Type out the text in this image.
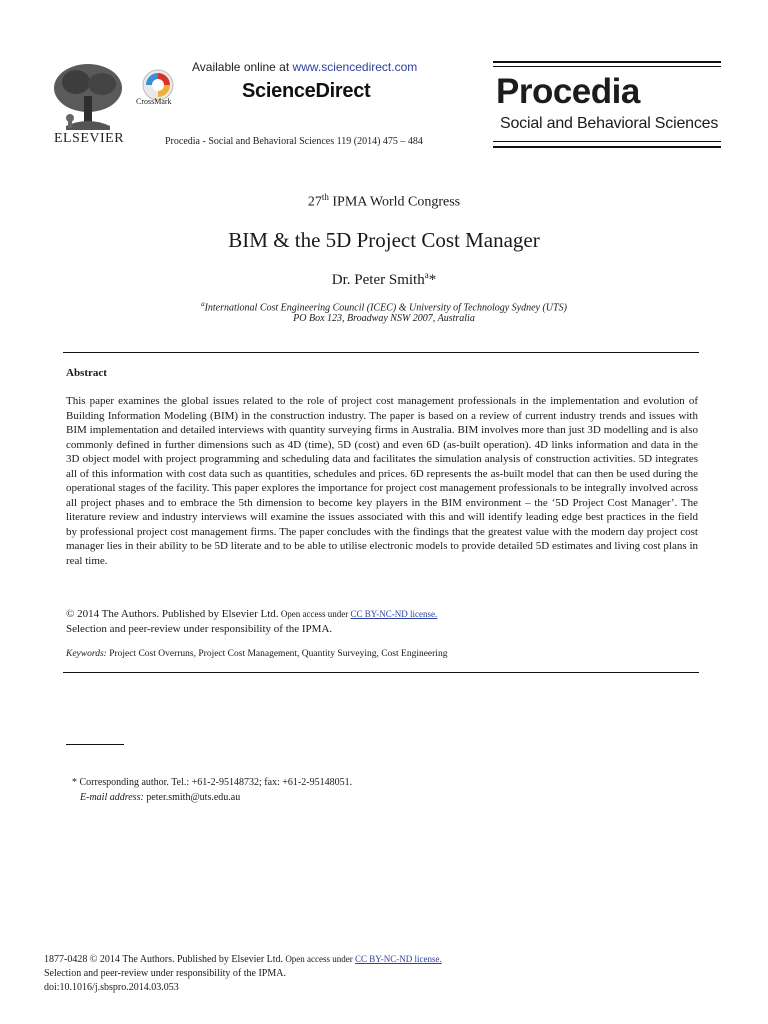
ELSEVIER
CrossMark
Available online at www.sciencedirect.com
ScienceDirect
Procedia - Social and Behavioral Sciences 119 (2014) 475 – 484
Procedia
Social and Behavioral Sciences
27th IPMA World Congress
BIM & the 5D Project Cost Manager
Dr. Peter Smith$^a$*
$^a$International Cost Engineering Council (ICEC) & University of Technology Sydney (UTS)
PO Box 123, Broadway NSW 2007, Australia
Abstract
This paper examines the global issues related to the role of project cost management professionals in the implementation and evolution of Building Information Modeling (BIM) in the construction industry. The paper is based on a review of current industry trends and issues with BIM implementation and detailed interviews with quantity surveying firms in Australia. BIM involves more than just 3D modelling and is also commonly defined in further dimensions such as 4D (time), 5D (cost) and even 6D (as-built operation). 4D links information and data in the 3D object model with project programming and scheduling data and facilitates the simulation analysis of construction activities. 5D integrates all of this information with cost data such as quantities, schedules and prices. 6D represents the as-built model that can then be used during the operational stages of the facility. This paper explores the importance for project cost management professionals to be integrally involved across all project phases and to embrace the 5th dimension to become key players in the BIM environment – the ‘5D Project Cost Manager’. The literature review and industry interviews will examine the issues associated with this and will identify leading edge best practices in the field by professional project cost management firms. The paper concludes with the findings that the greatest value with the modern day project cost manager lies in their ability to be 5D literate and to be able to utilise electronic models to provide detailed 5D estimates and living cost plans in real time.
© 2014 The Authors. Published by Elsevier Ltd. Open access under CC BY-NC-ND license.
Selection and peer-review under responsibility of the IPMA.
Keywords: Project Cost Overruns, Project Cost Management, Quantity Surveying, Cost Engineering
* Corresponding author. Tel.: +61-2-95148732; fax: +61-2-95148051.
E-mail address: peter.smith@uts.edu.au
1877-0428 © 2014 The Authors. Published by Elsevier Ltd. Open access under CC BY-NC-ND license.
Selection and peer-review under responsibility of the IPMA.
doi:10.1016/j.sbspro.2014.03.053
